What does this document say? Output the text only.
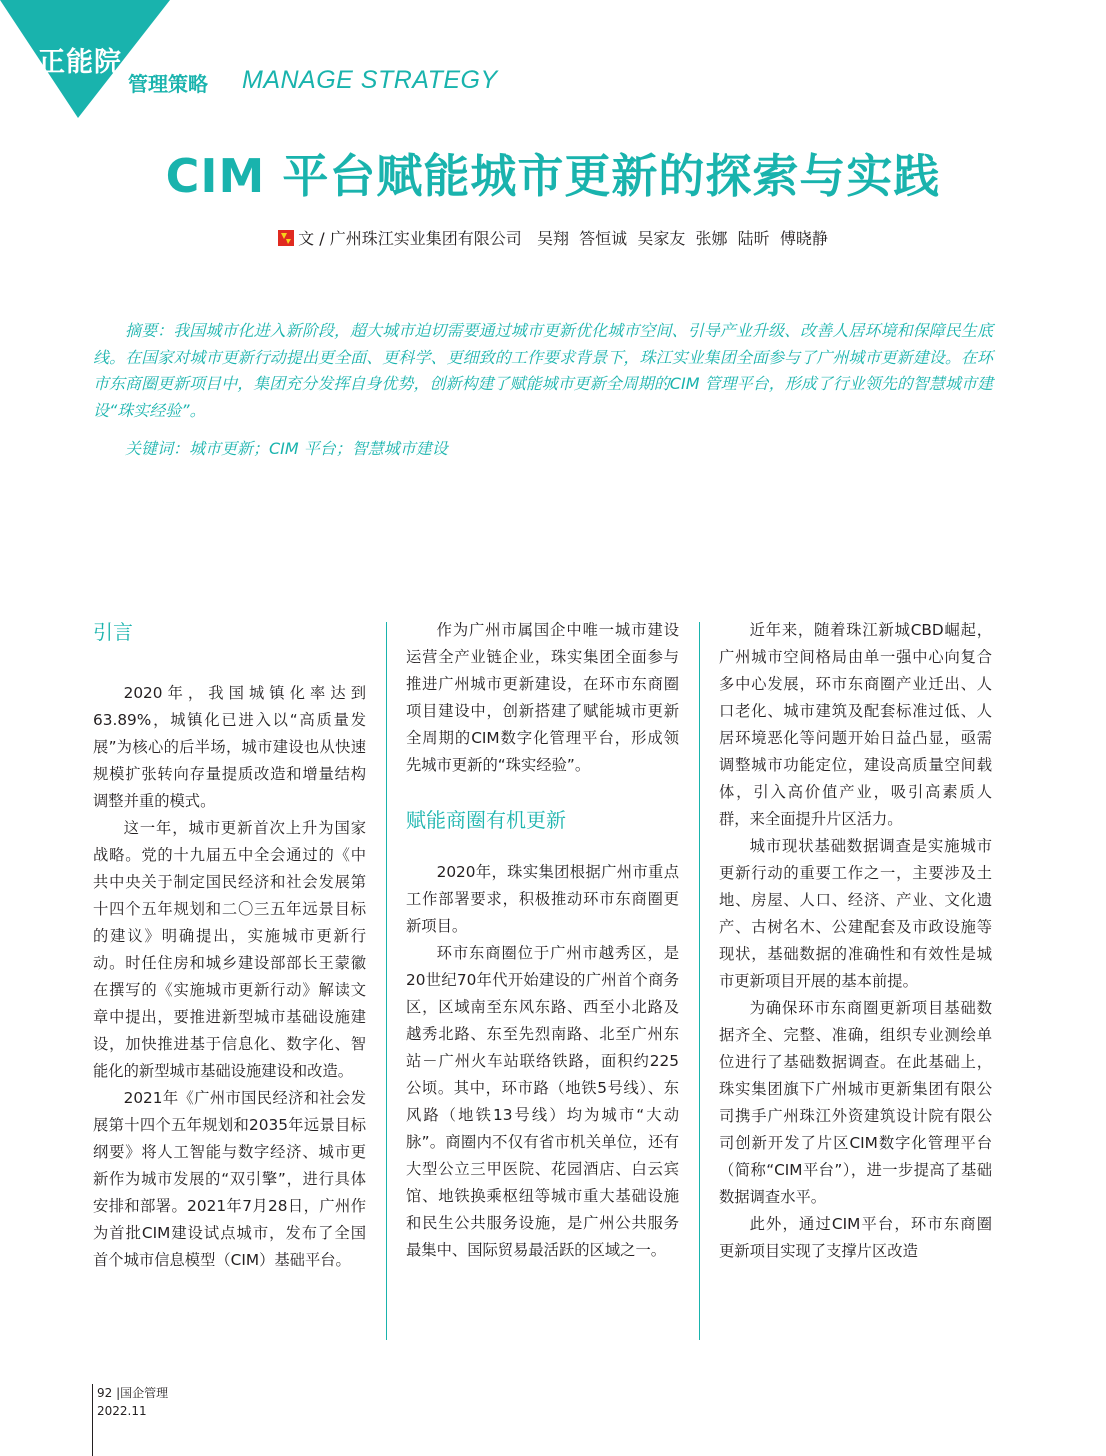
正能院
管理策略 MANAGE STRATEGY
CIM 平台赋能城市更新的探索与实践
文 / 广州珠江实业集团有限公司   吴翔  答恒诚  吴家友  张娜  陆昕  傅晓静

摘要：我国城市化进入新阶段，超大城市迫切需要通过城市更新优化城市空间、引导产业升级、改善人居环境和保障民生底线。在国家对城市更新行动提出更全面、更科学、更细致的工作要求背景下，珠江实业集团全面参与了广州城市更新建设。在环市东商圈更新项目中，集团充分发挥自身优势，创新构建了赋能城市更新全周期的CIM 管理平台，形成了行业领先的智慧城市建设“珠实经验”。

关键词：城市更新；CIM 平台；智慧城市建设

引言

2020年，我国城镇化率达到63.89%，城镇化已进入以“高质量发展”为核心的后半场，城市建设也从快速规模扩张转向存量提质改造和增量结构调整并重的模式。

这一年，城市更新首次上升为国家战略。党的十九届五中全会通过的《中共中央关于制定国民经济和社会发展第十四个五年规划和二〇三五年远景目标的建议》明确提出，实施城市更新行动。时任住房和城乡建设部部长王蒙徽在撰写的《实施城市更新行动》解读文章中提出，要推进新型城市基础设施建设，加快推进基于信息化、数字化、智能化的新型城市基础设施建设和改造。

2021年《广州市国民经济和社会发展第十四个五年规划和2035年远景目标纲要》将人工智能与数字经济、城市更新作为城市发展的“双引擎”，进行具体安排和部署。2021年7月28日，广州作为首批CIM建设试点城市，发布了全国首个城市信息模型（CIM）基础平台。

作为广州市属国企中唯一城市建设运营全产业链企业，珠实集团全面参与推进广州城市更新建设，在环市东商圈项目建设中，创新搭建了赋能城市更新全周期的CIM数字化管理平台，形成领先城市更新的“珠实经验”。

赋能商圈有机更新

2020年，珠实集团根据广州市重点工作部署要求，积极推动环市东商圈更新项目。

环市东商圈位于广州市越秀区，是20世纪70年代开始建设的广州首个商务区，区域南至东风东路、西至小北路及越秀北路、东至先烈南路、北至广州东站－广州火车站联络铁路，面积约225公顷。其中，环市路（地铁5号线）、东风路（地铁13号线）均为城市“大动脉”。商圈内不仅有省市机关单位，还有大型公立三甲医院、花园酒店、白云宾馆、地铁换乘枢纽等城市重大基础设施和民生公共服务设施，是广州公共服务最集中、国际贸易最活跃的区域之一。

近年来，随着珠江新城CBD崛起，广州城市空间格局由单一强中心向复合多中心发展，环市东商圈产业迁出、人口老化、城市建筑及配套标准过低、人居环境恶化等问题开始日益凸显，亟需调整城市功能定位，建设高质量空间载体，引入高价值产业，吸引高素质人群，来全面提升片区活力。

城市现状基础数据调查是实施城市更新行动的重要工作之一，主要涉及土地、房屋、人口、经济、产业、文化遗产、古树名木、公建配套及市政设施等现状，基础数据的准确性和有效性是城市更新项目开展的基本前提。

为确保环市东商圈更新项目基础数据齐全、完整、准确，组织专业测绘单位进行了基础数据调查。在此基础上，珠实集团旗下广州城市更新集团有限公司携手广州珠江外资建筑设计院有限公司创新开发了片区CIM数字化管理平台（简称“CIM平台”），进一步提高了基础数据调查水平。

此外，通过CIM平台，环市东商圈更新项目实现了支撑片区改造

92 |国企管理
2022.11
